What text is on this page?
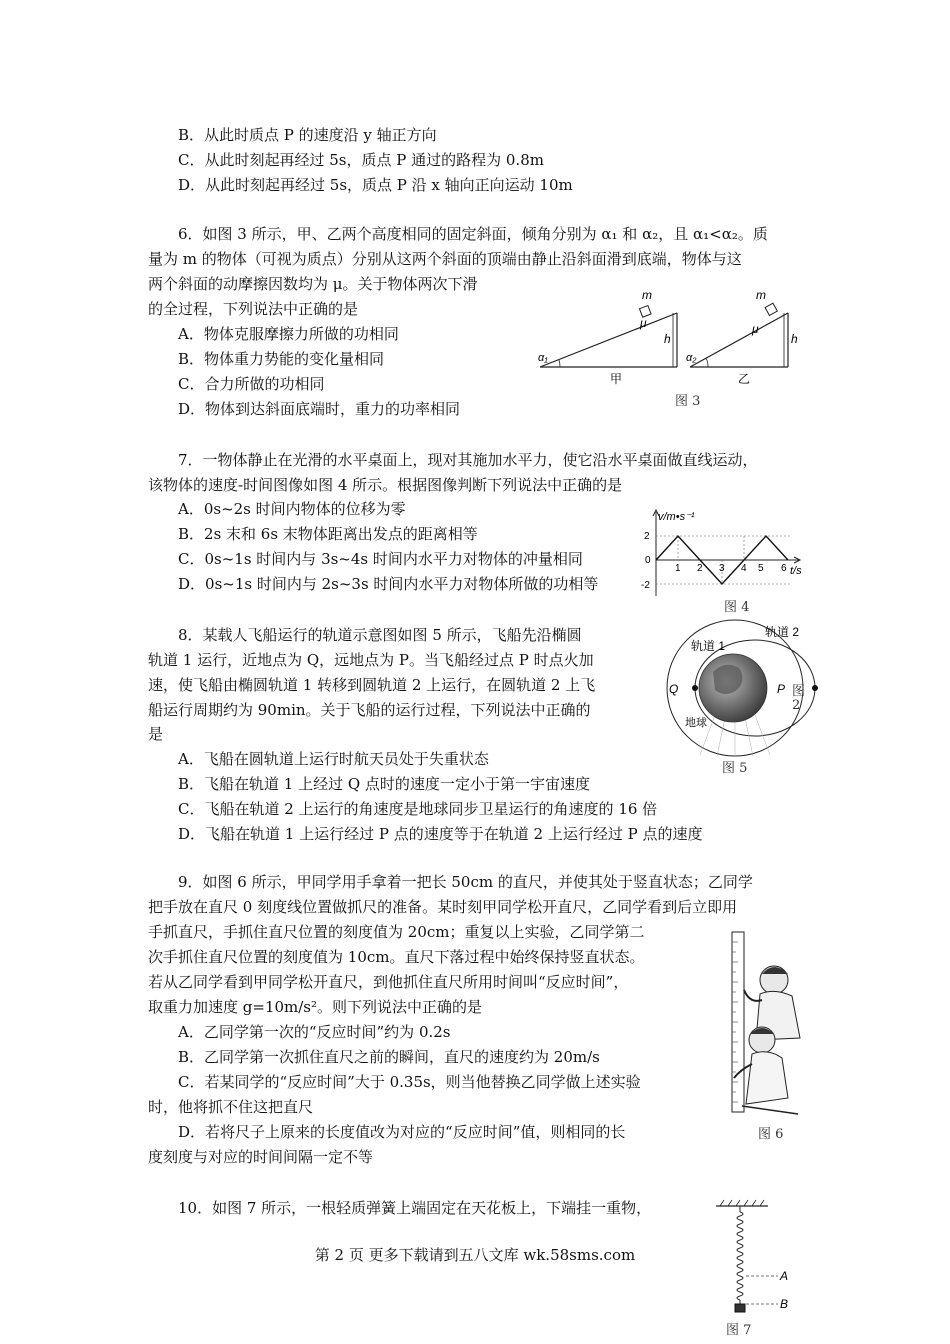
B．从此时质点 P 的速度沿 y 轴正方向
C．从此时刻起再经过 5s，质点 P 通过的路程为 0.8m
D．从此时刻起再经过 5s，质点 P 沿 x 轴向正向运动 10m
6．如图 3 所示，甲、乙两个高度相同的固定斜面，倾角分别为 α₁ 和 α₂，且 α₁<α₂。质
量为 m 的物体（可视为质点）分别从这两个斜面的顶端由静止沿斜面滑到底端，物体与这
两个斜面的动摩擦因数均为 μ。关于物体两次下滑
的全过程，下列说法中正确的是
A．物体克服摩擦力所做的功相同
B．物体重力势能的变化量相同
C．合力所做的功相同
D．物体到达斜面底端时，重力的功率相同
m
μ
h
α₁
甲
m
μ
h
α₂
乙
图 3
7．一物体静止在光滑的水平桌面上，现对其施加水平力，使它沿水平桌面做直线运动，
该物体的速度-时间图像如图 4 所示。根据图像判断下列说法中正确的是
A．0s~2s 时间内物体的位移为零
B．2s 末和 6s 末物体距离出发点的距离相等
C．0s~1s 时间内与 3s~4s 时间内水平力对物体的冲量相同
D．0s~1s 时间内与 2s~3s 时间内水平力对物体所做的功相等
v/m•s⁻¹
t/s
2
0
-2
1 2 3 4 5 6
图 4
8．某载人飞船运行的轨道示意图如图 5 所示，飞船先沿椭圆
轨道 1 运行，近地点为 Q，远地点为 P。当飞船经过点 P 时点火加
速，使飞船由椭圆轨道 1 转移到圆轨道 2 上运行，在圆轨道 2 上飞
船运行周期约为 90min。关于飞船的运行过程，下列说法中正确的
是
A．飞船在圆轨道上运行时航天员处于失重状态
B．飞船在轨道 1 上经过 Q 点时的速度一定小于第一宇宙速度
C．飞船在轨道 2 上运行的角速度是地球同步卫星运行的角速度的 16 倍
D．飞船在轨道 1 上运行经过 P 点的速度等于在轨道 2 上运行经过 P 点的速度
Q	P
轨道 1
轨道 2
地球
图
2
图 5
9．如图 6 所示，甲同学用手拿着一把长 50cm 的直尺，并使其处于竖直状态；乙同学
把手放在直尺 0 刻度线位置做抓尺的准备。某时刻甲同学松开直尺，乙同学看到后立即用
手抓直尺，手抓住直尺位置的刻度值为 20cm；重复以上实验，乙同学第二
次手抓住直尺位置的刻度值为 10cm。直尺下落过程中始终保持竖直状态。
若从乙同学看到甲同学松开直尺，到他抓住直尺所用时间叫“反应时间”，
取重力加速度 g=10m/s²。则下列说法中正确的是
A．乙同学第一次的“反应时间”约为 0.2s
B．乙同学第一次抓住直尺之前的瞬间，直尺的速度约为 20m/s
C．若某同学的“反应时间”大于 0.35s，则当他替换乙同学做上述实验
时，他将抓不住这把直尺
D．若将尺子上原来的长度值改为对应的“反应时间”值，则相同的长
度刻度与对应的时间间隔一定不等
图 6
10．如图 7 所示，一根轻质弹簧上端固定在天花板上，下端挂一重物，
A
B
图 7
第 2 页 更多下载请到五八文库 wk.58sms.com
